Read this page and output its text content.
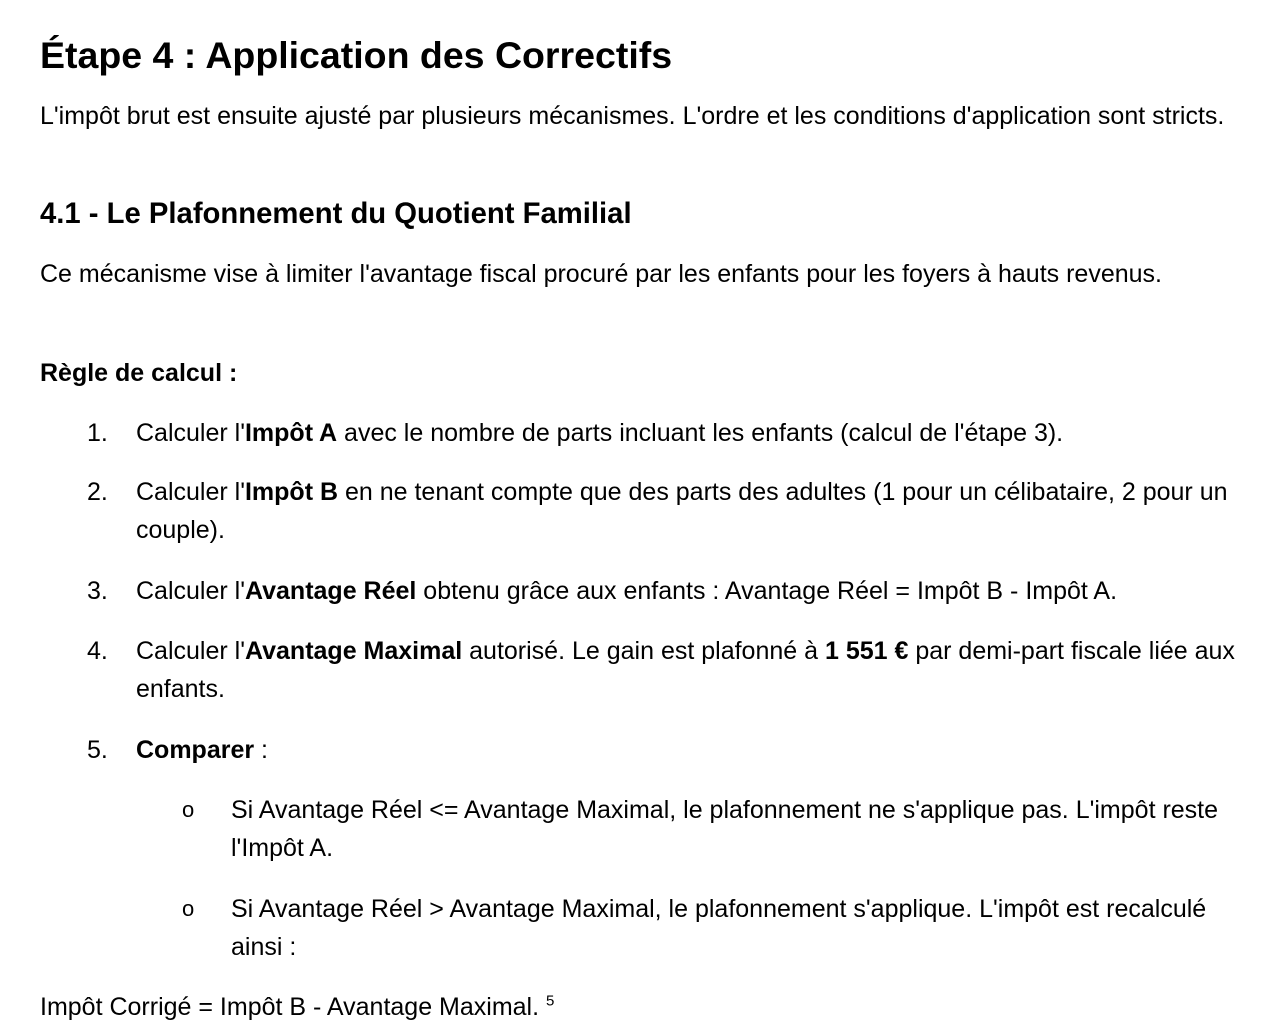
Étape 4 : Application des Correctifs

L'impôt brut est ensuite ajusté par plusieurs mécanismes. L'ordre et les conditions d'application sont stricts.

4.1 - Le Plafonnement du Quotient Familial

Ce mécanisme vise à limiter l'avantage fiscal procuré par les enfants pour les foyers à hauts revenus.

Règle de calcul :
1.	Calculer l'Impôt A avec le nombre de parts incluant les enfants (calcul de l'étape 3).
2.	Calculer l'Impôt B en ne tenant compte que des parts des adultes (1 pour un célibataire, 2 pour un couple).
3.	Calculer l'Avantage Réel obtenu grâce aux enfants : Avantage Réel = Impôt B - Impôt A.
4.	Calculer l'Avantage Maximal autorisé. Le gain est plafonné à 1 551 € par demi-part fiscale liée aux enfants.
5.	Comparer :
o	Si Avantage Réel <= Avantage Maximal, le plafonnement ne s'applique pas. L'impôt reste l'Impôt A.
o	Si Avantage Réel > Avantage Maximal, le plafonnement s'applique. L'impôt est recalculé ainsi :

Impôt Corrigé = Impôt B - Avantage Maximal. $^5$
